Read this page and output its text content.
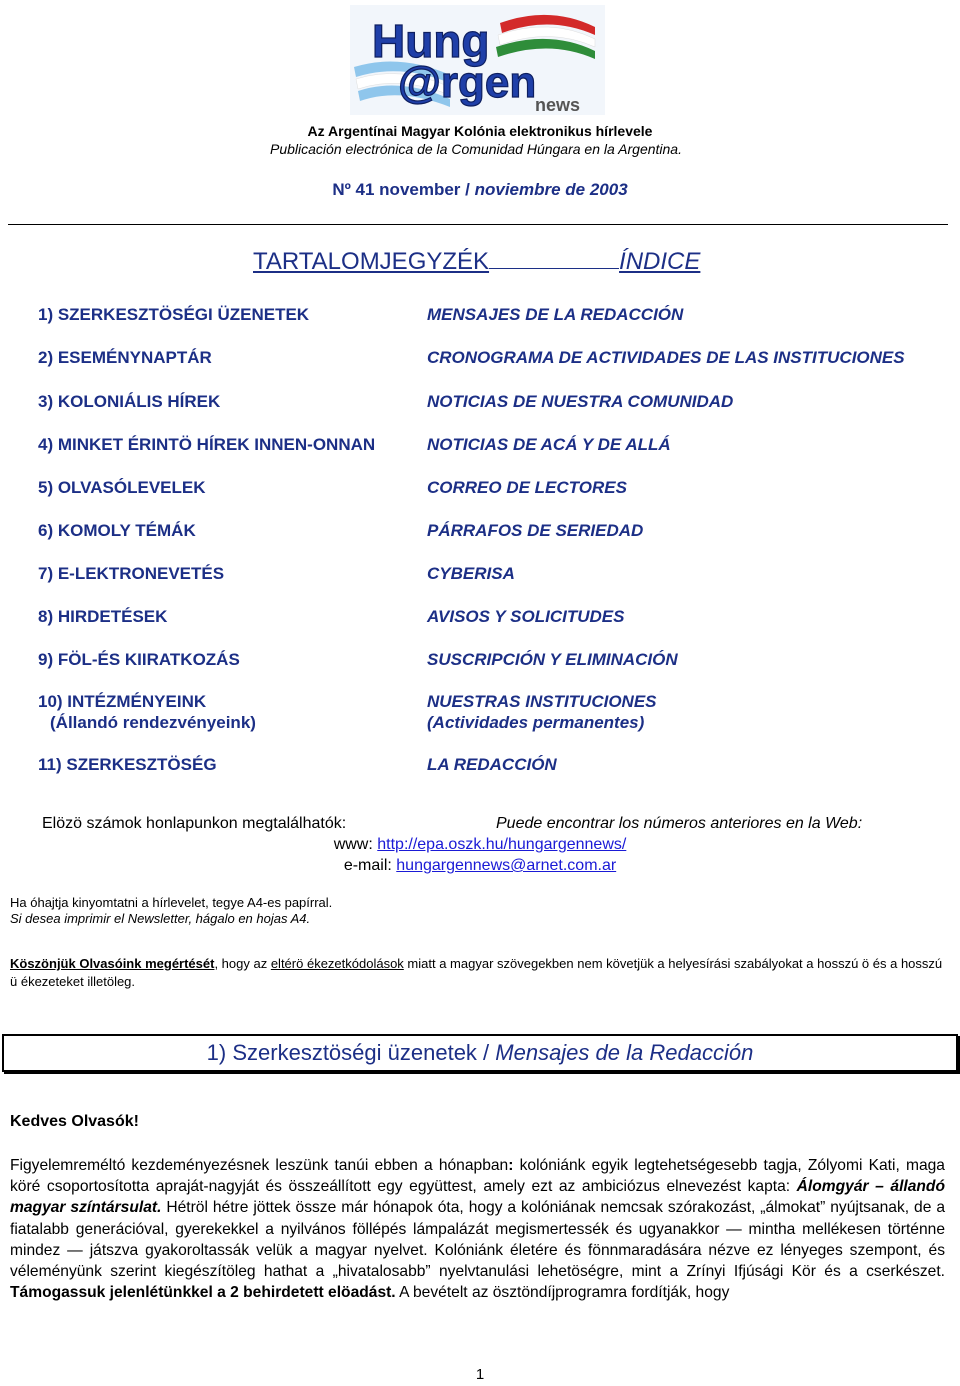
Hung
@rgen
news
Az Argentínai Magyar Kolónia elektronikus hírlevele
Publicación electrónica de la Comunidad Húngara en la Argentina.
Nº 41 november / noviembre de 2003
TARTALOMJEGYZÉK	ÍNDICE
1) SZERKESZTÖSÉGI ÜZENETEK	MENSAJES DE LA REDACCIÓN
2) ESEMÉNYNAPTÁR	CRONOGRAMA DE ACTIVIDADES DE LAS INSTITUCIONES
3) KOLONIÁLIS HÍREK	NOTICIAS DE NUESTRA COMUNIDAD
4) MINKET ÉRINTÖ HÍREK INNEN-ONNAN	NOTICIAS DE ACÁ Y DE ALLÁ
5) OLVASÓLEVELEK	CORREO DE LECTORES
6) KOMOLY TÉMÁK	PÁRRAFOS DE SERIEDAD
7) E-LEKTRONEVETÉS	CYBERISA
8) HIRDETÉSEK	AVISOS Y SOLICITUDES
9) FÖL-ÉS KIIRATKOZÁS	SUSCRIPCIÓN Y ELIMINACIÓN
10) INTÉZMÉNYEINK	NUESTRAS INSTITUCIONES
(Állandó rendezvényeink)	(Actividades permanentes)
11) SZERKESZTÖSÉG	LA REDACCIÓN
Elözö számok honlapunkon megtalálhatók:	Puede encontrar los números anteriores en la Web:
www: http://epa.oszk.hu/hungargennews/
e-mail: hungargennews@arnet.com.ar
Ha óhajtja kinyomtatni a hírlevelet, tegye A4-es papírral.
Si desea imprimir el Newsletter, hágalo en hojas A4.
Köszönjük Olvasóink megértését, hogy az eltérö ékezetkódolások miatt a magyar szövegekben nem követjük a helyesírási szabályokat a hosszú ö és a hosszú ü ékezeteket illetöleg.
1) Szerkesztöségi üzenetek / Mensajes de la Redacción
Kedves Olvasók!
Figyelemreméltó kezdeményezésnek leszünk tanúi ebben a hónapban: kolóniánk egyik legtehetségesebb tagja, Zólyomi Kati, maga köré csoportosította apraját-nagyját és összeállított egy együttest, amely ezt az ambiciózus elnevezést kapta: Álomgyár – állandó magyar színtársulat. Hétröl hétre jöttek össze már hónapok óta, hogy a kolóniának nemcsak szórakozást, „álmokat” nyújtsanak, de a fiatalabb generációval, gyerekekkel a nyilvános föllépés lámpalázát megismertessék és ugyanakkor — mintha mellékesen történne mindez — játszva gyakoroltassák velük a magyar nyelvet. Kolóniánk életére és fönnmaradására nézve ez lényeges szempont, és véleményünk szerint kiegészítöleg hathat a „hivatalosabb” nyelvtanulási lehetöségre, mint a Zrínyi Ifjúsági Kör és a cserkészet. Támogassuk jelenlétünkkel a 2 behirdetett elöadást. A bevételt az ösztöndíjprogramra fordítják, hogy
1
